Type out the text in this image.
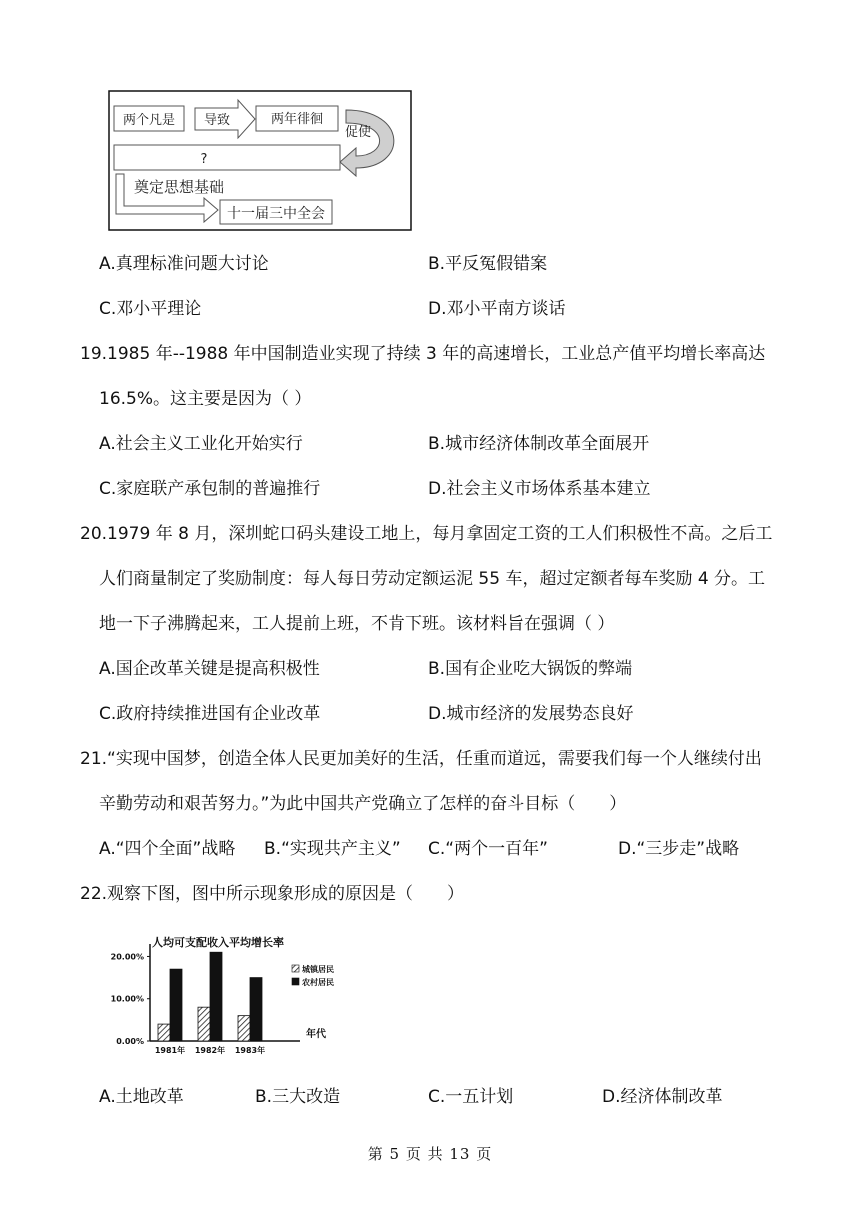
两个凡是 导致	两年徘徊
促使
?
奠定思想基础
十一届三中全会
A.真理标准问题大讨论	B.平反冤假错案
C.邓小平理论	D.邓小平南方谈话
19.1985 年--1988 年中国制造业实现了持续 3 年的高速增长，工业总产值平均增长率高达
16.5%。这主要是因为（ ）
A.社会主义工业化开始实行	B.城市经济体制改革全面展开
C.家庭联产承包制的普遍推行	D.社会主义市场体系基本建立
20.1979 年 8 月，深圳蛇口码头建设工地上，每月拿固定工资的工人们积极性不高。之后工
人们商量制定了奖励制度：每人每日劳动定额运泥 55 车，超过定额者每车奖励 4 分。工
地一下子沸腾起来，工人提前上班，不肯下班。该材料旨在强调（ ）
A.国企改革关键是提高积极性	B.国有企业吃大锅饭的弊端
C.政府持续推进国有企业改革	D.城市经济的发展势态良好
21.“实现中国梦，创造全体人民更加美好的生活，任重而道远，需要我们每一个人继续付出
辛勤劳动和艰苦努力。”为此中国共产党确立了怎样的奋斗目标（　　）
A.“四个全面”战略 B.“实现共产主义” C.“两个一百年”	D.“三步走”战略
22.观察下图，图中所示现象形成的原因是（　　）
人均可支配收入平均增长率
0.00%
10.00%
20.00%
1981年 1982年 1983年
年代
城镇居民
农村居民
A.土地改革	B.三大改造	C.一五计划	D.经济体制改革
第 5 页 共 13 页
